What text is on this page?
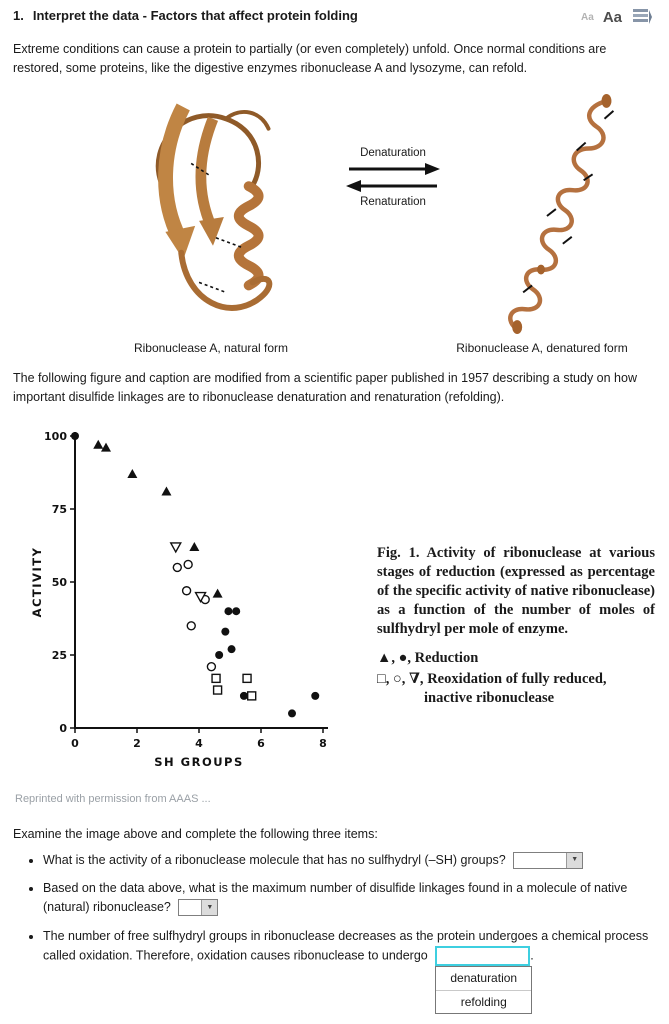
1. Interpret the data - Factors that affect protein folding	Aa Aa

Extreme conditions can cause a protein to partially (or even completely) unfold. Once normal conditions are restored, some proteins, like the digestive enzymes ribonuclease A and lysozyme, can refold.

Ribonuclease A, natural form
Denaturation
Renaturation
Ribonuclease A, denatured form

The following figure and caption are modified from a scientific paper published in 1957 describing a study on how important disulfide linkages are to ribonuclease denaturation and renaturation (refolding).

0
25
50
75
100
0	2	4	6	8
ACTIVITY
SH GROUPS
Fig. 1. Activity of ribonuclease at various stages of reduction (expressed as percentage of the specific activity of native ribonuclease) as a function of the number of moles of sulfhydryl per mole of enzyme.
▲, ●, Reduction
□, ○, ∇, Reoxidation of fully reduced, inactive ribonuclease
Reprinted with permission from AAAS ...
Examine the image above and complete the following three items:
• What is the activity of a ribonuclease molecule that has no sulfhydryl (–SH) groups?	▼
• Based on the data above, what is the maximum number of disulfide linkages found in a molecule of native (natural) ribonuclease?	▼
• The number of free sulfhydryl groups in ribonuclease decreases as the protein undergoes a chemical process called oxidation. Therefore, oxidation causes ribonuclease to undergo
denaturation
refolding
.
